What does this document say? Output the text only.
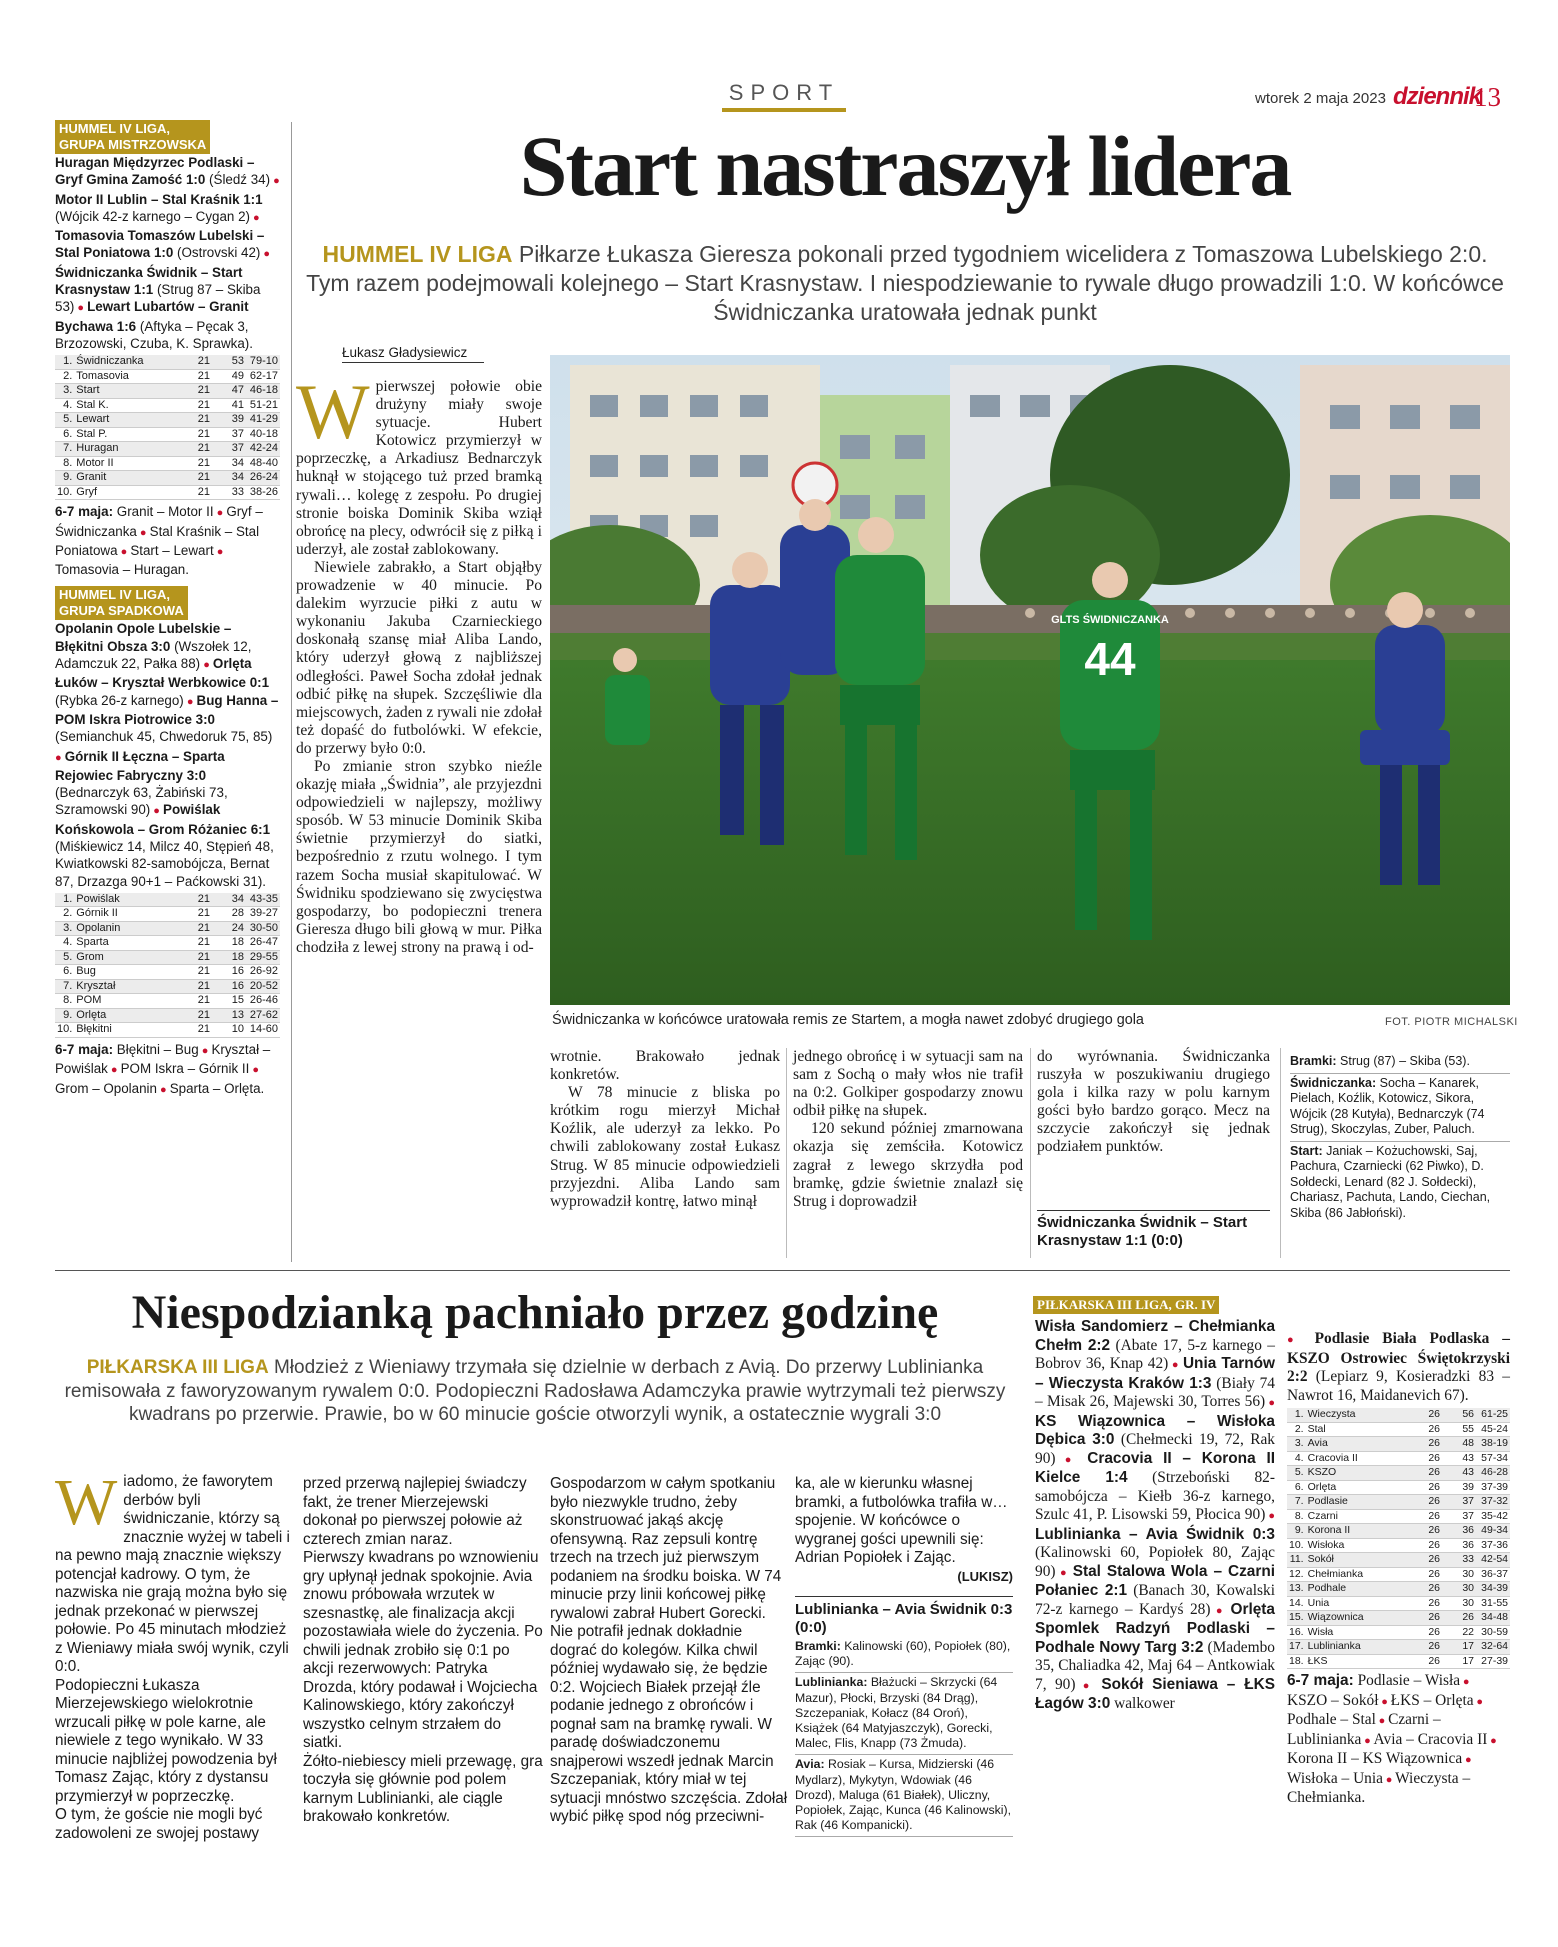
SPORT	wtorek 2 maja 2023 dziennik
13
HUMMEL IV LIGA,
GRUPA MISTRZOWSKA

Huragan Międzyrzec Podlaski – Gryf Gmina Zamość 1:0 (Śledź 34) ● Motor II Lublin – Stal Kraśnik 1:1 (Wójcik 42-z karnego – Cygan 2) ● Tomasovia Tomaszów Lubelski – Stal Poniatowa 1:0 (Ostrovski 42) ● Świdniczanka Świdnik – Start Krasnystaw 1:1 (Strug 87 – Skiba 53) ● Lewart Lubartów – Granit Bychawa 1:6 (Aftyka – Pęcak 3, Brzozowski, Czuba, K. Sprawka).

1.	Świdniczanka	21	53	79-10
2.	Tomasovia	21	49	62-17
3.	Start	21	47	46-18
4.	Stal K.	21	41	51-21
5.	Lewart	21	39	41-29
6.	Stal P.	21	37	40-18
7.	Huragan	21	37	42-24
8.	Motor II	21	34	48-40
9.	Granit	21	34	26-24
10.	Gryf	21	33	38-26

6-7 maja: Granit – Motor II ● Gryf – Świdniczanka ● Stal Kraśnik – Stal Poniatowa ● Start – Lewart ● Tomasovia – Huragan.

HUMMEL IV LIGA,
GRUPA SPADKOWA

Opolanin Opole Lubelskie – Błękitni Obsza 3:0 (Wszołek 12, Adamczuk 22, Pałka 88) ● Orlęta Łuków – Kryształ Werbkowice 0:1 (Rybka 26-z karnego) ● Bug Hanna – POM Iskra Piotrowice 3:0 (Semianchuk 45, Chwedoruk 75, 85) ● Górnik II Łęczna – Sparta Rejowiec Fabryczny 3:0 (Bednarczyk 63, Żabiński 73, Szramowski 90) ● Powiślak Końskowola – Grom Różaniec 6:1 (Miśkiewicz 14, Milcz 40, Stępień 48, Kwiatkowski 82-samobójcza, Bernat 87, Drzazga 90+1 – Paćkowski 31).

1.	Powiślak	21	34	43-35
2.	Górnik II	21	28	39-27
3.	Opolanin	21	24	30-50
4.	Sparta	21	18	26-47
5.	Grom	21	18	29-55
6.	Bug	21	16	26-92
7.	Kryształ	21	16	20-52
8.	POM	21	15	26-46
9.	Orlęta	21	13	27-62
10.	Błękitni	21	10	14-60

6-7 maja: Błękitni – Bug ● Kryształ – Powiślak ● POM Iskra – Górnik II ● Grom – Opolanin ● Sparta – Orlęta.

Start nastraszył lidera
HUMMEL IV LIGA Piłkarze Łukasza Gieresza pokonali przed tygodniem wicelidera z Tomaszowa Lubelskiego 2:0. Tym razem podejmowali kolejnego – Start Krasnystaw. I niespodziewanie to rywale długo prowadzili 1:0. W końcówce Świdniczanka uratowała jednak punkt
Łukasz Gładysiewicz

Wpierwszej połowie obie drużyny miały swoje sytuacje. Hubert Kotowicz przymierzył w poprzeczkę, a Arkadiusz Bednarczyk huknął w stojącego tuż przed bramką rywali… kolegę z zespołu. Po drugiej stronie boiska Dominik Skiba wziął obrońcę na plecy, odwrócił się z piłką i uderzył, ale został zablokowany.

Niewiele zabrakło, a Start objąłby prowadzenie w 40 minucie. Po dalekim wyrzucie piłki z autu w wykonaniu Jakuba Czarnieckiego doskonałą szansę miał Aliba Lando, który uderzył głową z najbliższej odległości. Paweł Socha zdołał jednak odbić piłkę na słupek. Szczęśliwie dla miejscowych, żaden z rywali nie zdołał też dopaść do futbolówki. W efekcie, do przerwy było 0:0.

Po zmianie stron szybko nieźle okazję miała „Świdnia”, ale przyjezdni odpowiedzieli w najlepszy, możliwy sposób. W 53 minucie Dominik Skiba świetnie przymierzył do siatki, bezpośrednio z rzutu wolnego. I tym razem Socha musiał skapitulować. W Świdniku spodziewano się zwycięstwa gospodarzy, bo podopieczni trenera Gieresza długo bili głową w mur. Piłka chodziła z lewej strony na prawą i od-

44
GLTS ŚWIDNICZANKA
Świdniczanka w końcówce uratowała remis ze Startem, a mogła nawet zdobyć drugiego gola	FOT. PIOTR MICHALSKI

wrotnie. Brakowało jednak konkretów.

W 78 minucie z bliska po krótkim rogu mierzył Michał Koźlik, ale uderzył za lekko. Po chwili zablokowany został Łukasz Strug. W 85 minucie odpowiedzieli przyjezdni. Aliba Lando sam wyprowadził kontrę, łatwo minął

jednego obrońcę i w sytuacji sam na sam z Sochą o mały włos nie trafił na 0:2. Golkiper gospodarzy znowu odbił piłkę na słupek.

120 sekund później zmarnowana okazja się zemściła. Kotowicz zagrał z lewego skrzydła pod bramkę, gdzie świetnie znalazł się Strug i doprowadził

do wyrównania. Świdniczanka ruszyła w poszukiwaniu drugiego gola i kilka razy w polu karnym gości było bardzo gorąco. Mecz na szczycie zakończył się jednak podziałem punktów.

Świdniczanka Świdnik – Start Krasnystaw 1:1 (0:0)

Bramki: Strug (87) – Skiba (53).

Świdniczanka: Socha – Kanarek, Pielach, Koźlik, Kotowicz, Sikora, Wójcik (28 Kutyła), Bednarczyk (74 Strug), Skoczylas, Zuber, Paluch.

Start: Janiak – Kożuchowski, Saj, Pachura, Czarniecki (62 Piwko), D. Sołdecki, Lenard (82 J. Sołdecki), Chariasz, Pachuta, Lando, Ciechan, Skiba (86 Jabłoński).

Niespodzianką pachniało przez godzinę
PIŁKARSKA III LIGA Młodzież z Wieniawy trzymała się dzielnie w derbach z Avią. Do przerwy Lublinianka remisowała z faworyzowanym rywalem 0:0. Podopieczni Radosława Adamczyka prawie wytrzymali też pierwszy kwadrans po przerwie. Prawie, bo w 60 minucie goście otworzyli wynik, a ostatecznie wygrali 3:0

Wiadomo, że faworytem derbów byli świdniczanie, którzy są znacznie wyżej w tabeli i na pewno mają znacznie większy potencjał kadrowy. O tym, że nazwiska nie grają można było się jednak przekonać w pierwszej połowie. Po 45 minutach młodzież z Wieniawy miała swój wynik, czyli 0:0.

Podopieczni Łukasza Mierzejewskiego wielokrotnie wrzucali piłkę w pole karne, ale niewiele z tego wynikało. W 33 minucie najbliżej powodzenia był Tomasz Zając, który z dystansu przymierzył w poprzeczkę.

O tym, że goście nie mogli być zadowoleni ze swojej postawy

przed przerwą najlepiej świadczy fakt, że trener Mierzejewski dokonał po pierwszej połowie aż czterech zmian naraz.

Pierwszy kwadrans po wznowieniu gry upłynął jednak spokojnie. Avia znowu próbowała wrzutek w szesnastkę, ale finalizacja akcji pozostawiała wiele do życzenia. Po chwili jednak zrobiło się 0:1 po akcji rezerwowych: Patryka Drozda, który podawał i Wojciecha Kalinowskiego, który zakończył wszystko celnym strzałem do siatki.

Żółto-niebiescy mieli przewagę, gra toczyła się głównie pod polem karnym Lublinianki, ale ciągle brakowało konkretów.

Gospodarzom w całym spotkaniu było niezwykle trudno, żeby skonstruować jakąś akcję ofensywną. Raz zepsuli kontrę trzech na trzech już pierwszym podaniem na środku boiska. W 74 minucie przy linii końcowej piłkę rywalowi zabrał Hubert Gorecki. Nie potrafił jednak dokładnie dograć do kolegów. Kilka chwil później wydawało się, że będzie 0:2. Wojciech Białek przejął źle podanie jednego z obrońców i pognał sam na bramkę rywali. W paradę doświadczonemu snajperowi wszedł jednak Marcin Szczepaniak, który miał w tej sytuacji mnóstwo szczęścia. Zdołał wybić piłkę spod nóg przeciwni-

ka, ale w kierunku własnej bramki, a futbolówka trafiła w… spojenie. W końcówce o wygranej gości upewnili się: Adrian Popiołek i Zając.

(LUKISZ)

Lublinianka – Avia Świdnik 0:3 (0:0)

Bramki: Kalinowski (60), Popiołek (80), Zając (90).

Lublinianka: Błażucki – Skrzycki (64 Mazur), Płocki, Brzyski (84 Drąg), Szczepaniak, Kołacz (84 Oroń), Książek (64 Matyjaszczyk), Gorecki, Malec, Flis, Knapp (73 Żmuda).

Avia: Rosiak – Kursa, Midzierski (46 Mydlarz), Mykytyn, Wdowiak (46 Drozd), Maluga (61 Białek), Uliczny, Popiołek, Zając, Kunca (46 Kalinowski), Rak (46 Kompanicki).

PIŁKARSKA III LIGA, GR. IV
Wisła Sandomierz – Chełmianka Chełm 2:2 (Abate 17, 5-z karnego – Bobrov 36, Knap 42) ● Unia Tarnów – Wieczysta Kraków 1:3 (Biały 74 – Misak 26, Majewski 30, Torres 56) ● KS Wiązownica – Wisłoka Dębica 3:0 (Chełmecki 19, 72, Rak 90) ● Cracovia II – Korona II Kielce 1:4 (Strzeboński 82-samobójcza – Kiełb 36-z karnego, Szulc 41, P. Lisowski 59, Płocica 90) ● Lublinianka – Avia Świdnik 0:3 (Kalinowski 60, Popiołek 80, Zając 90) ● Stal Stalowa Wola – Czarni Połaniec 2:1 (Banach 30, Kowalski 72-z karnego – Kardyś 28) ● Orlęta Spomlek Radzyń Podlaski – Podhale Nowy Targ 3:2 (Madembo 35, Chaliadka 42, Maj 64 – Antkowiak 7, 90) ● Sokół Sieniawa – ŁKS Łagów 3:0 walkower

● Podlasie Biała Podlaska – KSZO Ostrowiec Świętokrzyski 2:2 (Lepiarz 9, Kosieradzki 83 – Nawrot 16, Maidanevich 67).

1.	Wieczysta	26	56	61-25
2.	Stal	26	55	45-24
3.	Avia	26	48	38-19
4.	Cracovia II	26	43	57-34
5.	KSZO	26	43	46-28
6.	Orlęta	26	39	37-39
7.	Podlasie	26	37	37-32
8.	Czarni	26	37	35-42
9.	Korona II	26	36	49-34
10.	Wisłoka	26	36	37-36
11.	Sokół	26	33	42-54
12.	Chełmianka	26	30	36-37
13.	Podhale	26	30	34-39
14.	Unia	26	30	31-55
15.	Wiązownica	26	26	34-48
16.	Wisła	26	22	30-59
17.	Lublinianka	26	17	32-64
18.	ŁKS	26	17	27-39

6-7 maja: Podlasie – Wisła ● KSZO – Sokół ● ŁKS – Orlęta ● Podhale – Stal ● Czarni – Lublinianka ● Avia – Cracovia II ● Korona II – KS Wiązownica ● Wisłoka – Unia ● Wieczysta – Chełmianka.
